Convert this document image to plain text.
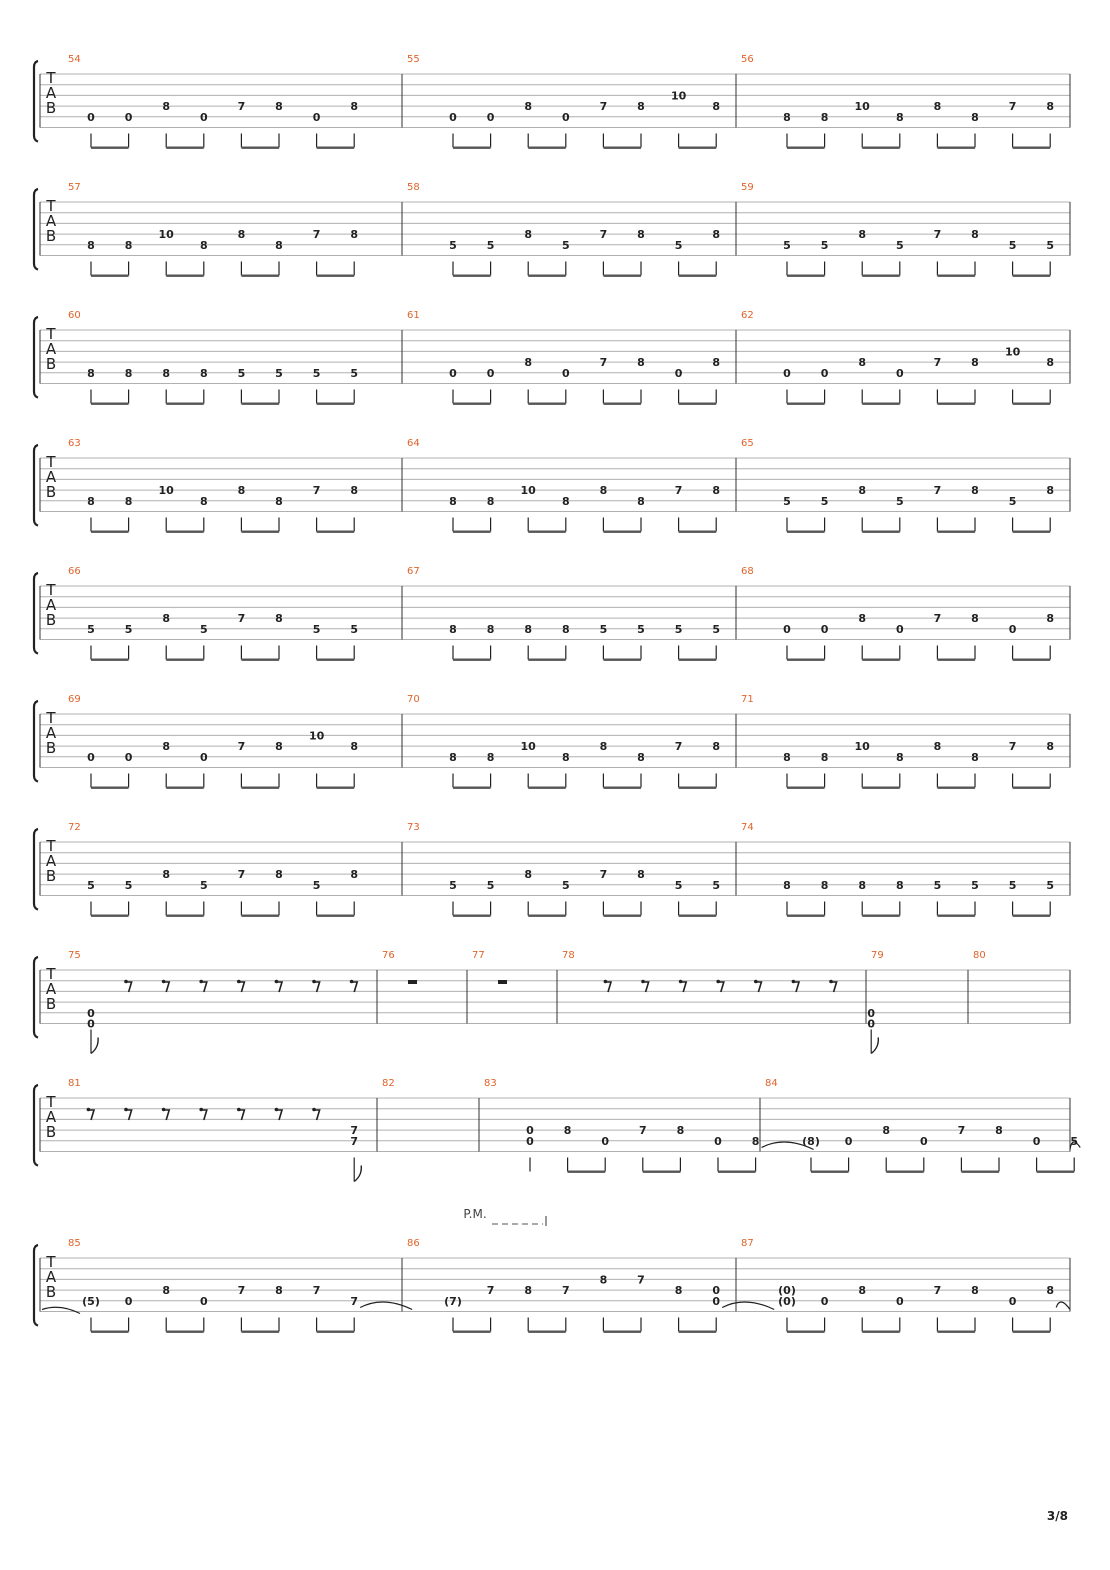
T
A
B
54
0	0
8
0
7	8
0
8
55
0	0
8
0
7	8
10
8
56
8	8
10
8
8
8
7	8
T
A
B
57
8	8
10
8
8
8
7	8
58
5	5
8
5
7	8
5
8
59
5	5
8
5
7	8
5	5
T
A
B
60
8	8	8	8	5	5	5	5
61
0	0
8
0
7	8
0
8
62
0	0
8
0
7	8
10
8
T
A
B
63
8	8
10
8
8
8
7	8
64
8	8
10
8
8
8
7	8
65
5	5
8
5
7	8
5
8
T
A
B
66
5	5
8
5
7	8
5	5
67
8	8	8	8	5	5	5	5
68
0	0
8
0
7	8
0
8
T
A
B
69
0	0
8
0
7	8
10
8
70
8	8
10
8
8
8
7	8
71
8	8
10
8
8
8
7	8
T
A
B
72
5	5
8
5
7	8
5
8
73
5	5
8
5
7	8
5	5
74
8	8	8	8	5	5	5	5
T
A
B
75
0
0
76	77	78
0
0
79	80
T
A
B
81
7
7
82	83
0
0
8
0
7	8
0	8
84
(8) 0
8
0
7	8
0	5
T
A
B
85
(5) 0
8
0
7	8	7
7
86
(7)
7	8	7
8	7
8	0
0
87
(0)
(0) 0
8
0
7	8
0
8
P.M.
3/8
